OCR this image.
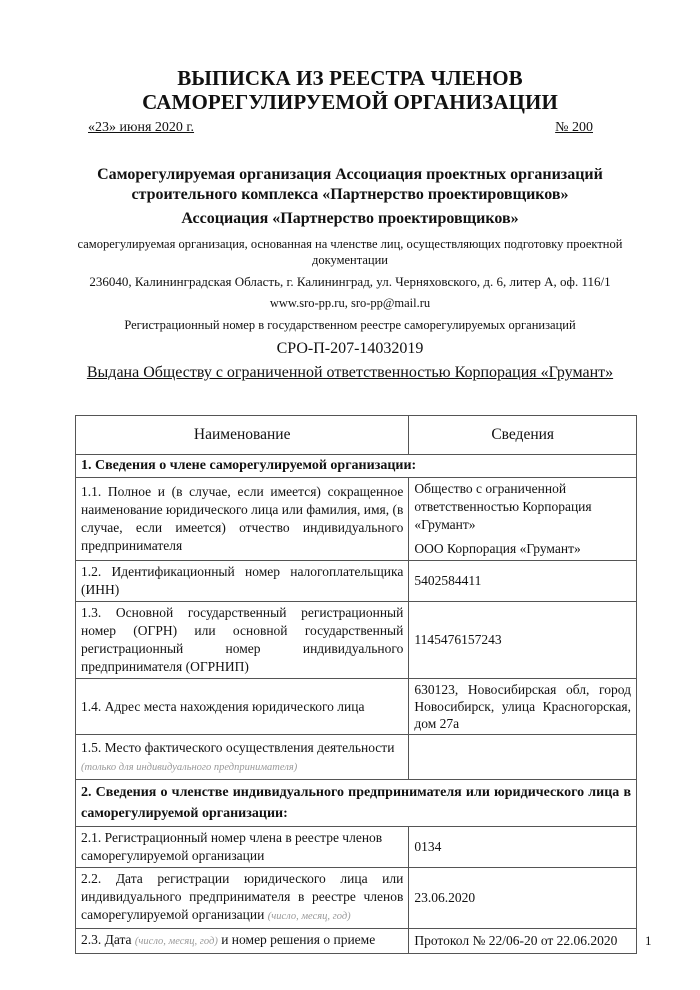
ВЫПИСКА ИЗ РЕЕСТРА ЧЛЕНОВ САМОРЕГУЛИРУЕМОЙ ОРГАНИЗАЦИИ
«23» июня 2020 г.	№ 200
Саморегулируемая организация Ассоциация проектных организаций строительного комплекса «Партнерство проектировщиков»
Ассоциация «Партнерство проектировщиков»
саморегулируемая организация, основанная на членстве лиц, осуществляющих подготовку проектной документации
236040, Калининградская Область, г. Калининград, ул. Черняховского, д. 6, литер А, оф. 116/1
www.sro-pp.ru, sro-pp@mail.ru
Регистрационный номер в государственном реестре саморегулируемых организаций
СРО-П-207-14032019
Выдана Обществу с ограниченной ответственностью Корпорация «Грумант»
Наименование	Сведения
1. Сведения о члене саморегулируемой организации:	
1.1. Полное и (в случае, если имеется) сокращенное наименование юридического лица или фамилия, имя, (в случае, если имеется) отчество индивидуального предпринимателя	Общество с ограниченной ответственностью Корпорация «Грумант»
ООО Корпорация «Грумант»

1.2. Идентификационный номер налогоплательщика (ИНН)	5402584411
1.3. Основной государственный регистрационный номер (ОГРН) или основной государственный регистрационный номер индивидуального предпринимателя (ОГРНИП)	1145476157243
1.4. Адрес места нахождения юридического лица	630123, Новосибирская обл, город Новосибирск, улица Красногорская, дом 27а

1.5. Место фактического осуществления деятельности
(только для индивидуального предпринимателя)	

2. Сведения о членстве индивидуального предпринимателя или юридического лица в саморегулируемой организации:	
2.1. Регистрационный номер члена в реестре членов саморегулируемой организации	0134
2.2. Дата регистрации юридического лица или индивидуального предпринимателя в реестре членов саморегулируемой организации (число, месяц, год)	23.06.2020
2.3. Дата (число, месяц, год) и номер решения о приеме	Протокол № 22/06-20 от 22.06.2020 1
